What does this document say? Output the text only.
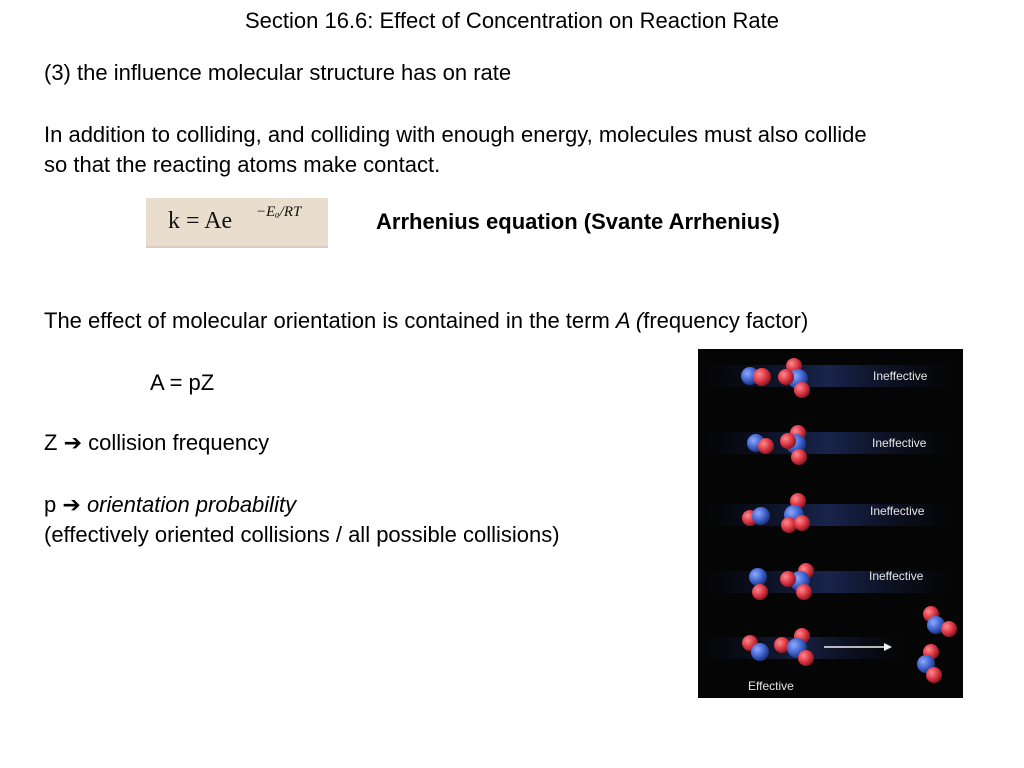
Section 16.6: Effect of Concentration on Reaction Rate
(3) the influence molecular structure has on rate
In addition to colliding, and colliding with enough energy, molecules must also collide
so that the reacting atoms make contact.
k = Ae −Eₐ/RT	Arrhenius equation (Svante Arrhenius)
The effect of molecular orientation is contained in the term A (frequency factor)
A = pZ
Z ➔ collision frequency
p ➔ orientation probability
(effectively oriented collisions / all possible collisions)
Ineffective
Ineffective
Ineffective
Ineffective
Effective
